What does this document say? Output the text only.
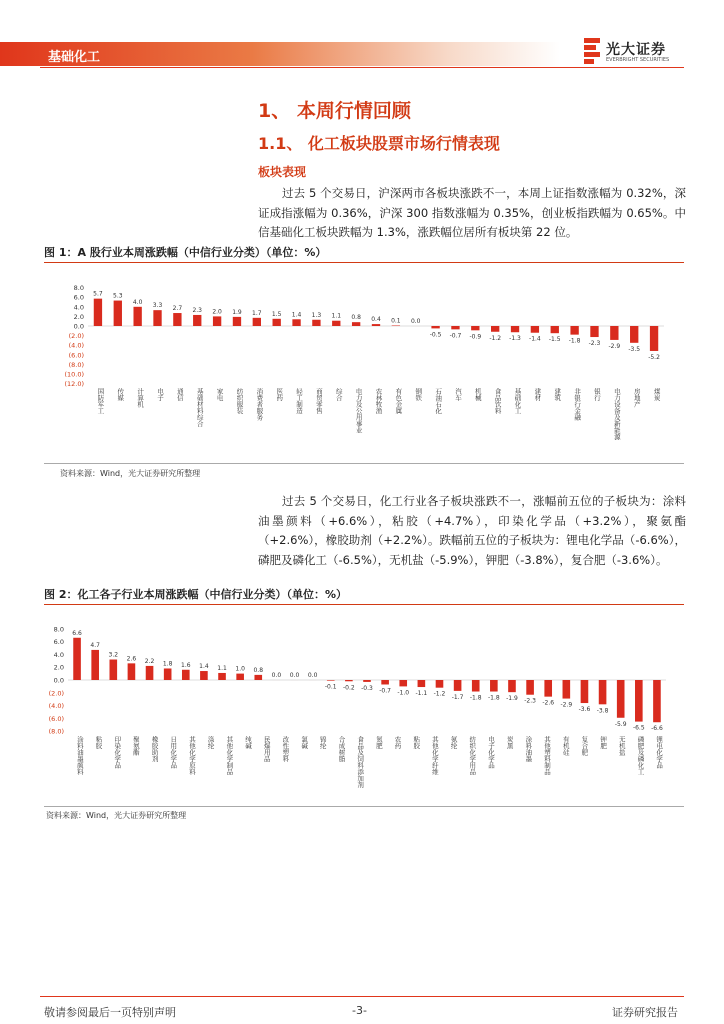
基础化工	光大证券
EVERBRIGHT SECURITIES
1、 本周行情回顾
1.1、 化工板块股票市场行情表现
板块表现
过去 5 个交易日，沪深两市各板块涨跌不一，本周上证指数涨幅为 0.32%，深证成指涨幅为 0.36%，沪深 300 指数涨幅为 0.35%，创业板指跌幅为 0.65%。中信基础化工板块跌幅为 1.3%，涨跌幅位居所有板块第 22 位。
图 1：A 股行业本周涨跌幅（中信行业分类）（单位：%）
8.0
6.0
4.0
2.0
0.0
(2.0)
(4.0)
(6.0)
(8.0)
(10.0)
(12.0)
5.7 5.3
4.0 3.3 2.7 2.3 2.0 1.9 1.7 1.5 1.4 1.3 1.1 0.8 0.4 0.1 0.0
-0.5 -0.7 -0.9 -1.2 -1.3 -1.4 -1.5 -1.8 -2.3 -2.9 -3.5
-5.2
国防军工 传媒 计算机 电子 通信 基础材料综合 家电 纺织服装 消费者服务 医药 轻工制造 商贸零售 综合 电力及公用事业 农林牧渔 有色金属 钢铁 石油石化 汽车 机械 食品饮料 基础化工 建材 建筑 非银行金融 银行 电力设备及新能源 房地产 煤炭
资料来源：Wind，光大证券研究所整理
过去 5 个交易日，化工行业各子板块涨跌不一，涨幅前五位的子板块为：涂料油墨颜料（+6.6%），粘胶（+4.7%），印染化学品（+3.2%），聚氨酯（+2.6%），橡胶助剂（+2.2%）。跌幅前五位的子板块为：锂电化学品（-6.6%），磷肥及磷化工（-6.5%），无机盐（-5.9%），钾肥（-3.8%），复合肥（-3.6%）。
图 2：化工各子行业本周涨跌幅（中信行业分类）（单位：%）
8.0
6.0
4.0
2.0
0.0
(2.0)
(4.0)
(6.0)
(8.0)
6.6
4.7
3.2
2.6 2.2 1.8 1.6 1.4 1.1 1.0 0.8
0.0 0.0 0.0
-0.1 -0.2 -0.3 -0.7 -1.0 -1.1 -1.2 -1.7 -1.8 -1.8 -1.9 -2.3 -2.6 -2.9
-3.6 -3.8
-5.9
-6.5 -6.6
涂料油墨颜料 粘胶 印染化学品 聚氨酯 橡胶助剂 日用化学品 其他化学原料 涤纶 其他化学制品 纯碱 民爆用品 改性塑料 氯碱 锦纶 合成树脂 食品及饲料添加剂 氮肥 农药 粘胶 其他化学纤维 氨纶 纺织化学用品 电子化学品 炭黑 涂料油墨 其他塑料制品 有机硅 复合肥 钾肥 无机盐 磷肥及磷化工 锂电化学品
资料来源：Wind，光大证券研究所整理
敬请参阅最后一页特别声明	-3-	证券研究报告
